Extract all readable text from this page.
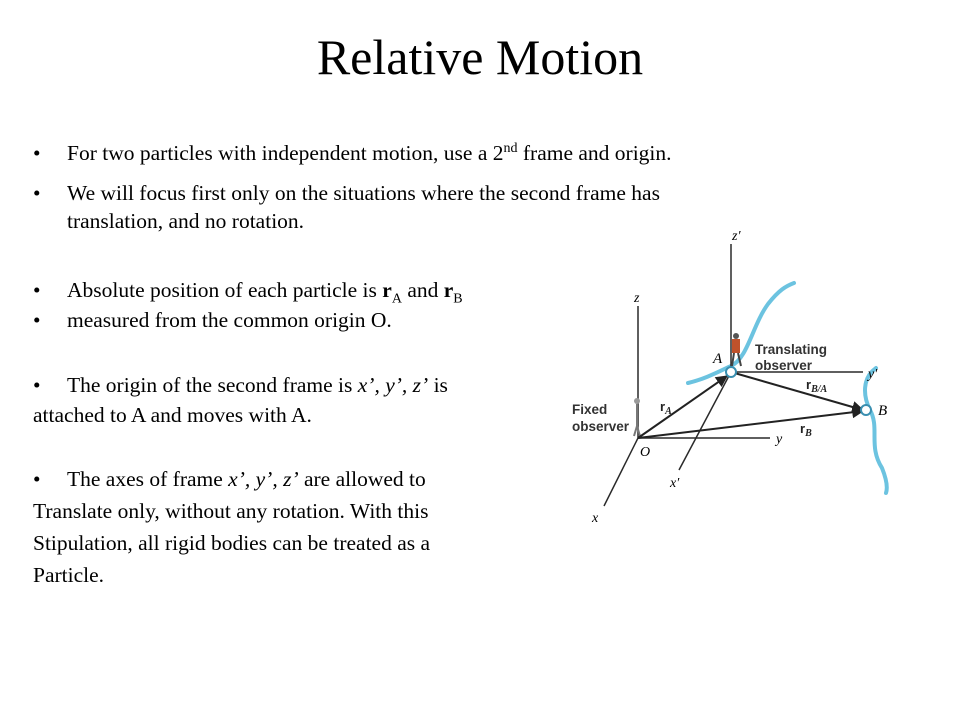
Relative Motion
• For two particles with independent motion, use a 2nd frame and origin.
• We will focus first only on the situations where the second frame has
translation, and no rotation.
• Absolute position of each particle is $r_A$ and $r_B$
• measured from the common origin O.
• The origin of the second frame is x’, y’, z’ is
attached to A and moves with A.
• The axes of frame x’, y’, z’ are allowed to
Translate only, without any rotation. With this
Stipulation, all rigid bodies can be treated as a
Particle.
z
y
x
O
z′
y′
x′
A
B
Translating
observer
Fixed
observer
$r_A$
$r_B$
$r_{B/A}$
